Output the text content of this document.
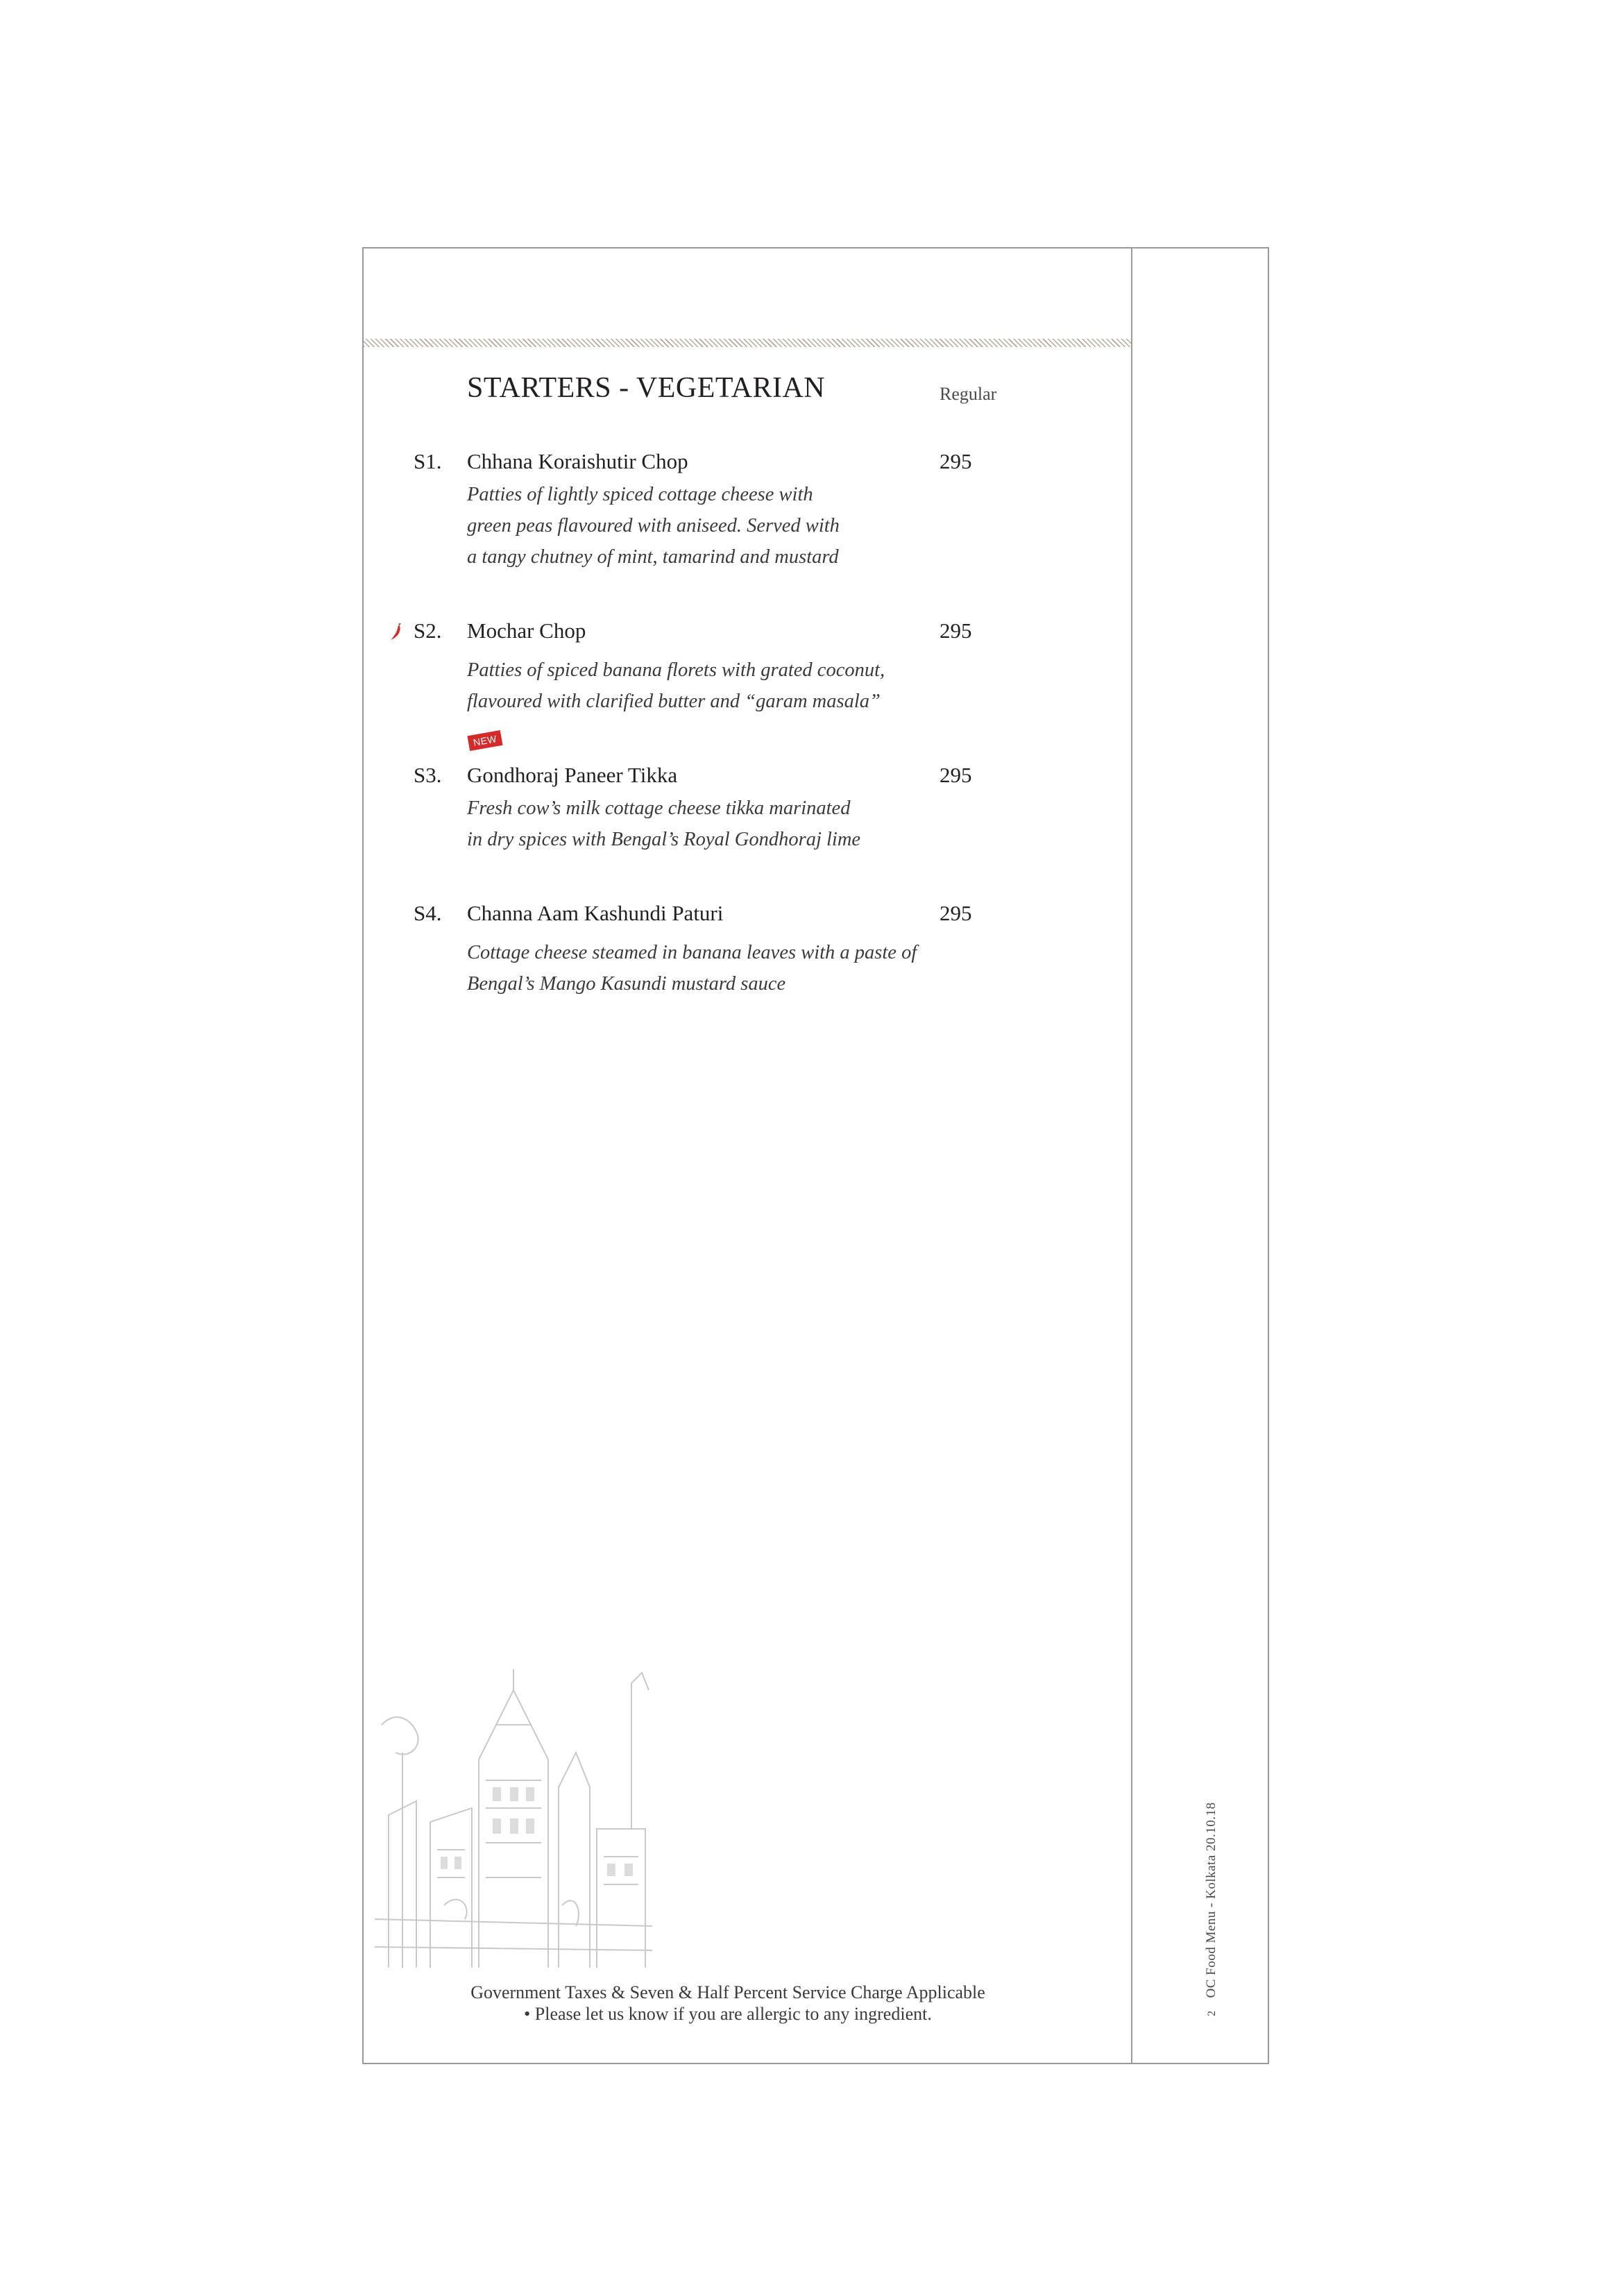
STARTERS - VEGETARIAN	Regular
S1. Chhana Koraishutir Chop	295
Patties of lightly spiced cottage cheese with
green peas flavoured with aniseed. Served with
a tangy chutney of mint, tamarind and mustard
S2. Mochar Chop	295
Patties of spiced banana florets with grated coconut,
flavoured with clarified butter and “garam masala”
NEW
S3. Gondhoraj Paneer Tikka	295
Fresh cow’s milk cottage cheese tikka marinated
in dry spices with Bengal’s Royal Gondhoraj lime
S4. Channa Aam Kashundi Paturi	295
Cottage cheese steamed in banana leaves with a paste of
Bengal’s Mango Kasundi mustard sauce
Government Taxes & Seven & Half Percent Service Charge Applicable
• Please let us know if you are allergic to any ingredient.	2OC Food Menu - Kolkata 20.10.18
